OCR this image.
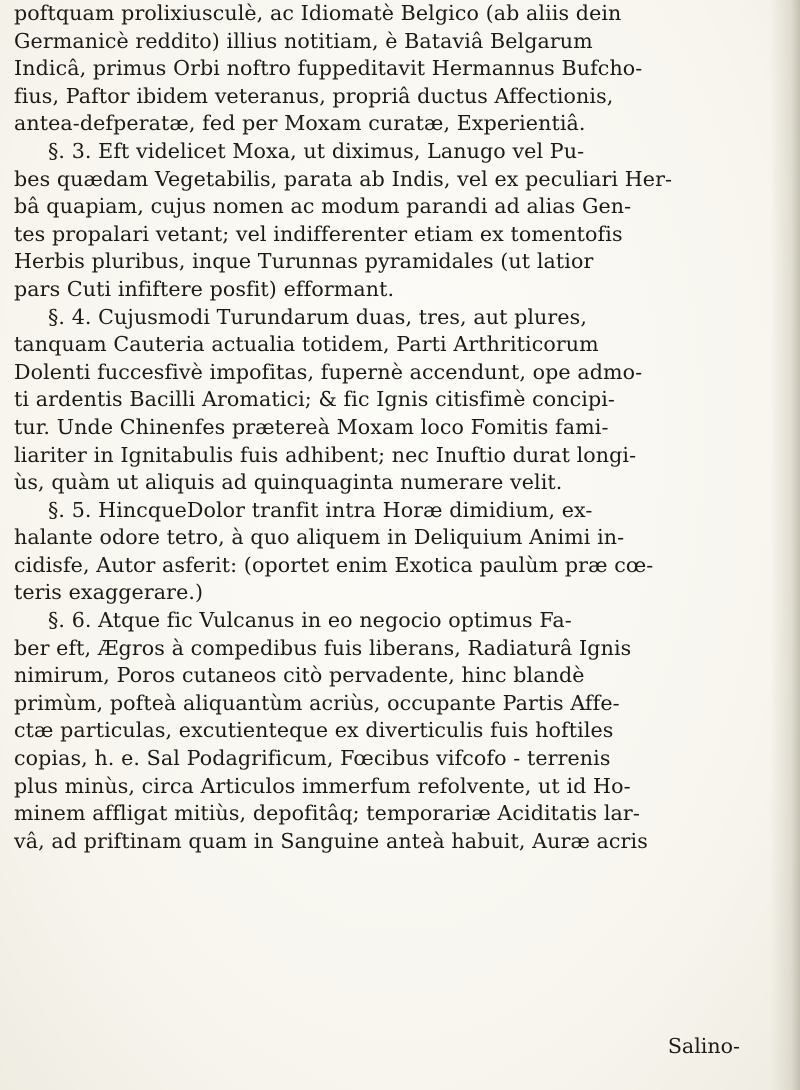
poftquam prolixiusculè, ac Idiomatè Belgico (ab aliis dein
Germanicè reddito) illius notitiam, è Bataviâ Belgarum
Indicâ, primus Orbi noftro fuppeditavit Hermannus Bufcho-
fius, Paftor ibidem veteranus, propriâ ductus Affectionis,
antea-defperatæ, fed per Moxam curatæ, Experientiâ.
§. 3. Eft videlicet Moxa, ut diximus, Lanugo vel Pu-
bes quædam Vegetabilis, parata ab Indis, vel ex peculiari Her-
bâ quapiam, cujus nomen ac modum parandi ad alias Gen-
tes propalari vetant; vel indifferenter etiam ex tomentofis
Herbis pluribus, inque Turunnas pyramidales (ut latior
pars Cuti infiftere posfit) efformant.
§. 4. Cujusmodi Turundarum duas, tres, aut plures,
tanquam Cauteria actualia totidem, Parti Arthriticorum
Dolenti fuccesfivè impofitas, fupernè accendunt, ope admo-
ti ardentis Bacilli Aromatici; & fic Ignis citisfimè concipi-
tur. Unde Chinenfes prætereà Moxam loco Fomitis fami-
liariter in Ignitabulis fuis adhibent; nec Inuftio durat longi-
ùs, quàm ut aliquis ad quinquaginta numerare velit.
§. 5. HincqueDolor tranfit intra Horæ dimidium, ex-
halante odore tetro, à quo aliquem in Deliquium Animi in-
cidisfe, Autor asferit: (oportet enim Exotica paulùm præ cœ-
teris exaggerare.)
§. 6. Atque fic Vulcanus in eo negocio optimus Fa-
ber eft, Ægros à compedibus fuis liberans, Radiaturâ Ignis
nimirum, Poros cutaneos citò pervadente, hinc blandè
primùm, pofteà aliquantùm acriùs, occupante Partis Affe-
ctæ particulas, excutienteque ex diverticulis fuis hoftiles
copias, h. e. Sal Podagrificum, Fœcibus vifcofo - terrenis
plus minùs, circa Articulos immerfum refolvente, ut id Ho-
minem affligat mitiùs, depofitâq; temporariæ Aciditatis lar-
vâ, ad priftinam quam in Sanguine anteà habuit, Auræ acris
Salino-
